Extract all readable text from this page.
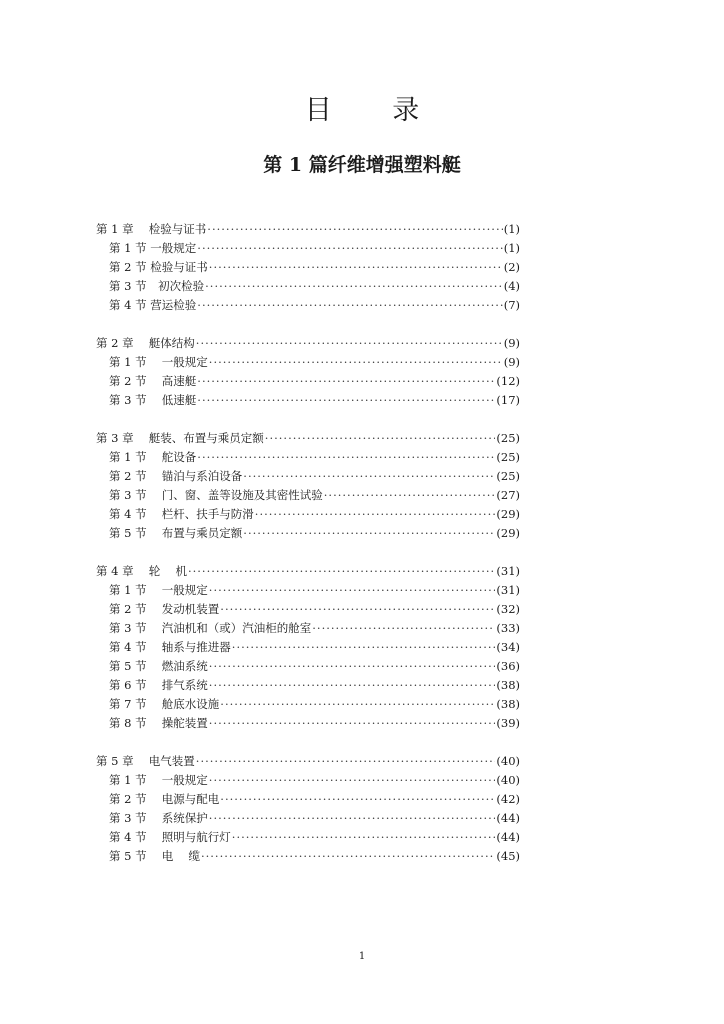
目 录
第 1 篇纤维增强塑料艇
第 1 章　 检验与证书 ·····	(1)
第 1 节 一般规定 ·····	(1)
第 2 节 检验与证书 ·····	(2)
第 3 节　初次检验 ·····	(4)
第 4 节 营运检验 ·····	(7)
第 2 章　 艇体结构 ·····	(9)
第 1 节　 一般规定 ·····	(9)
第 2 节　 高速艇 ·····	(12)
第 3 节　 低速艇 ·····	(17)
第 3 章　 艇装、布置与乘员定额 ·····	(25)
第 1 节　 舵设备 ·····	(25)
第 2 节　 锚泊与系泊设备 ·····	(25)
第 3 节　 门、窗、盖等设施及其密性试验 ·····	(27)
第 4 节　 栏杆、扶手与防滑 ·····	(29)
第 5 节　 布置与乘员定额 ·····	(29)
第 4 章　 轮　 机 ·····	(31)
第 1 节　 一般规定 ·····	(31)
第 2 节　 发动机装置 ·····	(32)
第 3 节　 汽油机和（或）汽油柜的舱室 ·····	(33)
第 4 节　 轴系与推进器 ·····	(34)
第 5 节　 燃油系统 ·····	(36)
第 6 节　 排气系统 ·····	(38)
第 7 节　 舱底水设施 ·····	(38)
第 8 节　 操舵装置 ·····	(39)
第 5 章　 电气装置 ·····	(40)
第 1 节　 一般规定 ·····	(40)
第 2 节　 电源与配电 ·····	(42)
第 3 节　 系统保护 ·····	(44)
第 4 节　 照明与航行灯 ·····	(44)
第 5 节　 电　 缆 ·····	(45)
1
